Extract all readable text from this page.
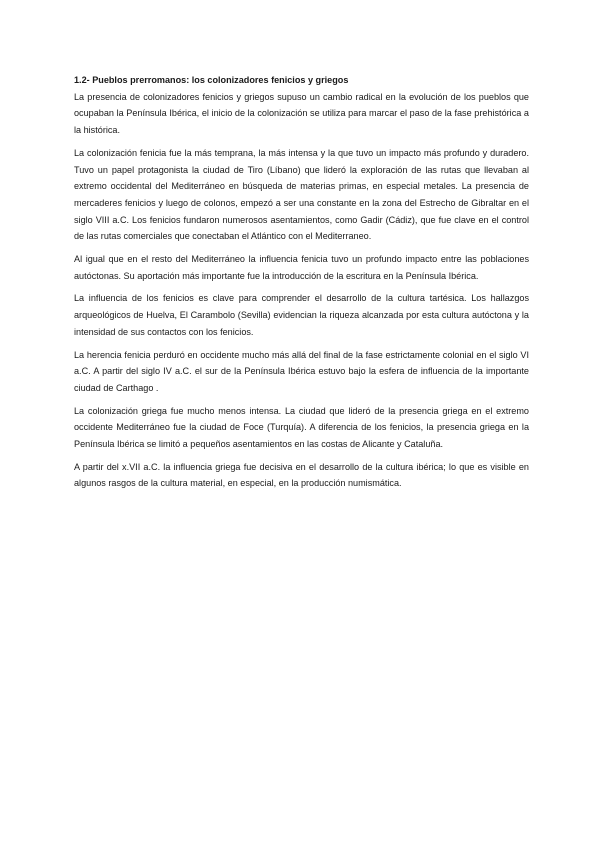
1.2- Pueblos prerromanos: los colonizadores fenicios y griegos

La presencia de colonizadores fenicios y griegos supuso un cambio radical en la evolución de los pueblos que ocupaban la Península Ibérica, el inicio de la colonización se utiliza para marcar el paso de la fase prehistórica a la histórica.

La colonización fenicia fue la más temprana, la más intensa y la que tuvo un impacto más profundo y duradero. Tuvo un papel protagonista la ciudad de Tiro (Líbano) que lideró la exploración de las rutas que llevaban al extremo occidental del Mediterráneo en búsqueda de materias primas, en especial metales. La presencia de mercaderes fenicios y luego de colonos, empezó a ser una constante en la zona del Estrecho de Gibraltar en el siglo VIII a.C. Los fenicios fundaron numerosos asentamientos, como Gadir (Cádiz), que fue clave en el control de las rutas comerciales que conectaban el Atlántico con el Mediterraneo.

Al igual que en el resto del Mediterráneo la influencia fenicia tuvo un profundo impacto entre las poblaciones autóctonas. Su aportación más importante fue la introducción de la escritura en la Península Ibérica.

La influencia de los fenicios es clave para comprender el desarrollo de la cultura tartésica. Los hallazgos arqueológicos de Huelva, El Carambolo (Sevilla) evidencian la riqueza alcanzada por esta cultura autóctona y la intensidad de sus contactos con los fenicios.

La herencia fenicia perduró en occidente mucho más allá del final de la fase estrictamente colonial en el siglo VI a.C. A partir del siglo IV a.C. el sur de la Península Ibérica estuvo bajo la esfera de influencia de la importante ciudad de Carthago .

La colonización griega fue mucho menos intensa. La ciudad que lideró de la presencia griega en el extremo occidente Mediterráneo fue la ciudad de Foce (Turquía). A diferencia de los fenicios, la presencia griega en la Península Ibérica se limitó a pequeños asentamientos en las costas de Alicante y Cataluña.

A partir del x.VII a.C. la influencia griega fue decisiva en el desarrollo de la cultura ibérica; lo que es visible en algunos rasgos de la cultura material, en especial, en la producción numismática.
